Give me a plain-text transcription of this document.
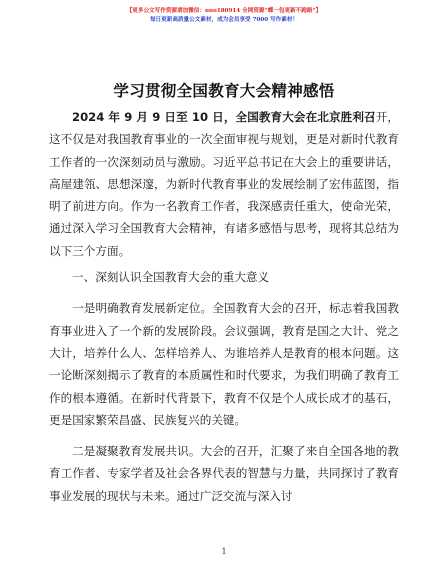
【更多公文写作资源请加微信：nuo180914 全网资源“蝶一包更新不跑路”】
每日更新高质量公文素材，成为会员享受 7000 写作素材！
学习贯彻全国教育大会精神感悟

2024 年 9 月 9 日至 10 日，全国教育大会在北京胜利召开，这不仅是对我国教育事业的一次全面审视与规划，更是对新时代教育工作者的一次深刻动员与激励。习近平总书记在大会上的重要讲话，高屋建瓴、思想深邃，为新时代教育事业的发展绘制了宏伟蓝图，指明了前进方向。作为一名教育工作者，我深感责任重大，使命光荣，通过深入学习全国教育大会精神，有诸多感悟与思考，现将其总结为以下三个方面。

一、深刻认识全国教育大会的重大意义

一是明确教育发展新定位。全国教育大会的召开，标志着我国教育事业进入了一个新的发展阶段。会议强调，教育是国之大计、党之大计，培养什么人、怎样培养人、为谁培养人是教育的根本问题。这一论断深刻揭示了教育的本质属性和时代要求，为我们明确了教育工作的根本遵循。在新时代背景下，教育不仅是个人成长成才的基石，更是国家繁荣昌盛、民族复兴的关键。

二是凝聚教育发展共识。大会的召开，汇聚了来自全国各地的教育工作者、专家学者及社会各界代表的智慧与力量，共同探讨了教育事业发展的现状与未来。通过广泛交流与深入讨

1
